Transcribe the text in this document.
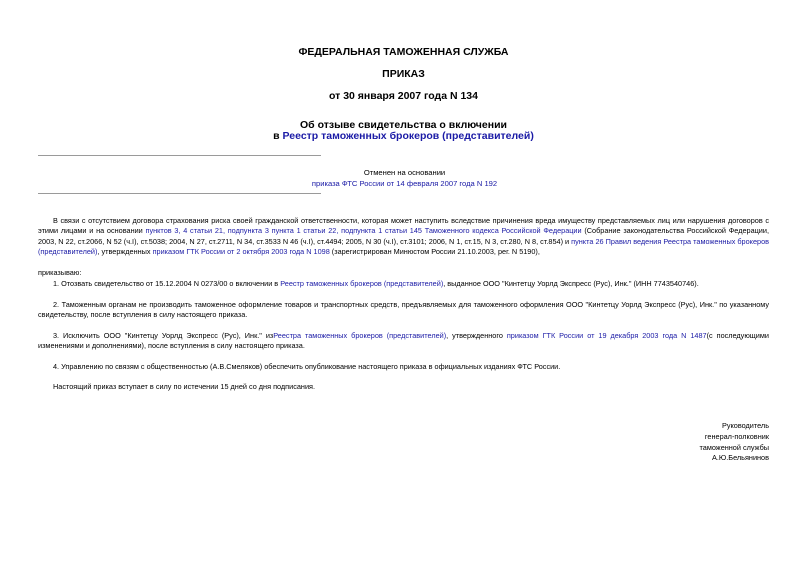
ФЕДЕРАЛЬНАЯ ТАМОЖЕННАЯ СЛУЖБА
ПРИКАЗ
от 30 января 2007 года N 134
Об отзыве свидетельства о включении
в Реестр таможенных брокеров (представителей)
Отменен на основании
приказа ФТС России от 14 февраля 2007 года N 192
В связи с отсутствием договора страхования риска своей гражданской ответственности, которая может наступить вследствие причинения вреда имуществу представляемых лиц или нарушения договоров с этими лицами и на основании пунктов 3, 4 статьи 21, подпункта 3 пункта 1 статьи 22, подпункта 1 статьи 145 Таможенного кодекса Российской Федерации (Собрание законодательства Российской Федерации, 2003, N 22, ст.2066, N 52 (ч.I), ст.5038; 2004, N 27, ст.2711, N 34, ст.3533 N 46 (ч.I), ст.4494; 2005, N 30 (ч.I), ст.3101; 2006, N 1, ст.15, N 3, ст.280, N 8, ст.854) и пункта 26 Правил ведения Реестра таможенных брокеров (представителей), утвержденных приказом ГТК России от 2 октября 2003 года N 1098 (зарегистрирован Минюстом России 21.10.2003, рег. N 5190),
приказываю:
1. Отозвать свидетельство от 15.12.2004 N 0273/00 о включении в Реестр таможенных брокеров (представителей), выданное ООО "Кинтетцу Уорлд Экспресс (Рус), Инк." (ИНН 7743540746).
2. Таможенным органам не производить таможенное оформление товаров и транспортных средств, предъявляемых для таможенного оформления ООО "Кинтетцу Уорлд Экспресс (Рус), Инк." по указанному свидетельству, после вступления в силу настоящего приказа.
3. Исключить ООО "Кинтетцу Уорлд Экспресс (Рус), Инк." изРеестра таможенных брокеров (представителей), утвержденного приказом ГТК России от 19 декабря 2003 года N 1487(с последующими изменениями и дополнениями), после вступления в силу настоящего приказа.
4. Управлению по связям с общественностью (А.В.Смеляков) обеспечить опубликование настоящего приказа в официальных изданиях ФТС России.
Настоящий приказ вступает в силу по истечении 15 дней со дня подписания.
Руководитель
генерал-полковник
таможенной службы
А.Ю.Бельянинов
